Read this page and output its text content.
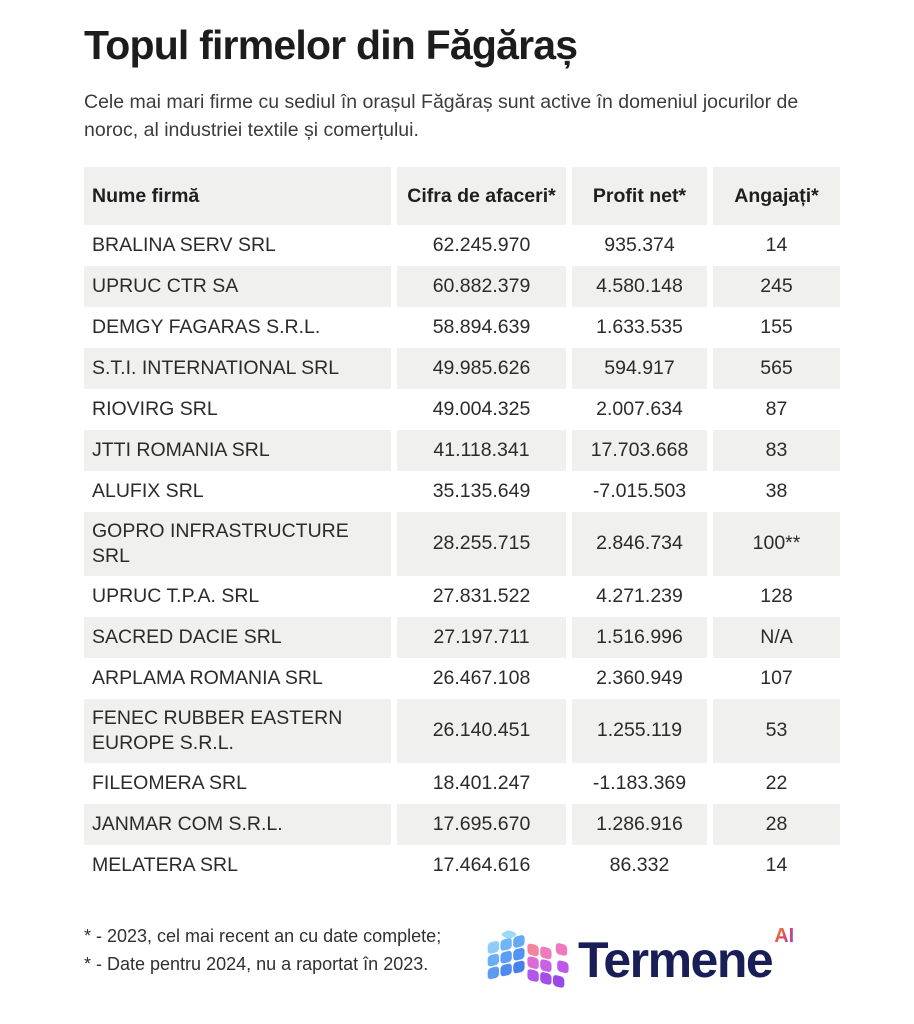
Topul firmelor din Făgăraș

Cele mai mari firme cu sediul în orașul Făgăraș sunt active în domeniul jocurilor de noroc, al industriei textile și comerțului.

Nume firmă	Cifra de afaceri*	Profit net*	Angajați*
BRALINA SERV SRL	62.245.970	935.374	14
UPRUC CTR SA	60.882.379	4.580.148	245
DEMGY FAGARAS S.R.L.	58.894.639	1.633.535	155
S.T.I. INTERNATIONAL SRL	49.985.626	594.917	565
RIOVIRG SRL	49.004.325	2.007.634	87
JTTI ROMANIA SRL	41.118.341	17.703.668	83
ALUFIX SRL	35.135.649	-7.015.503	38
GOPRO INFRASTRUCTURE SRL	28.255.715	2.846.734	100**
UPRUC T.P.A. SRL	27.831.522	4.271.239	128
SACRED DACIE SRL	27.197.711	1.516.996	N/A
ARPLAMA ROMANIA SRL	26.467.108	2.360.949	107
FENEC RUBBER EASTERN EUROPE S.R.L.	26.140.451	1.255.119	53
FILEOMERA SRL	18.401.247	-1.183.369	22
JANMAR COM S.R.L.	17.695.670	1.286.916	28
MELATERA SRL	17.464.616	86.332	14
* - 2023, cel mai recent an cu date complete;
* - Date pentru 2024, nu a raportat în 2023.	Termene AI
